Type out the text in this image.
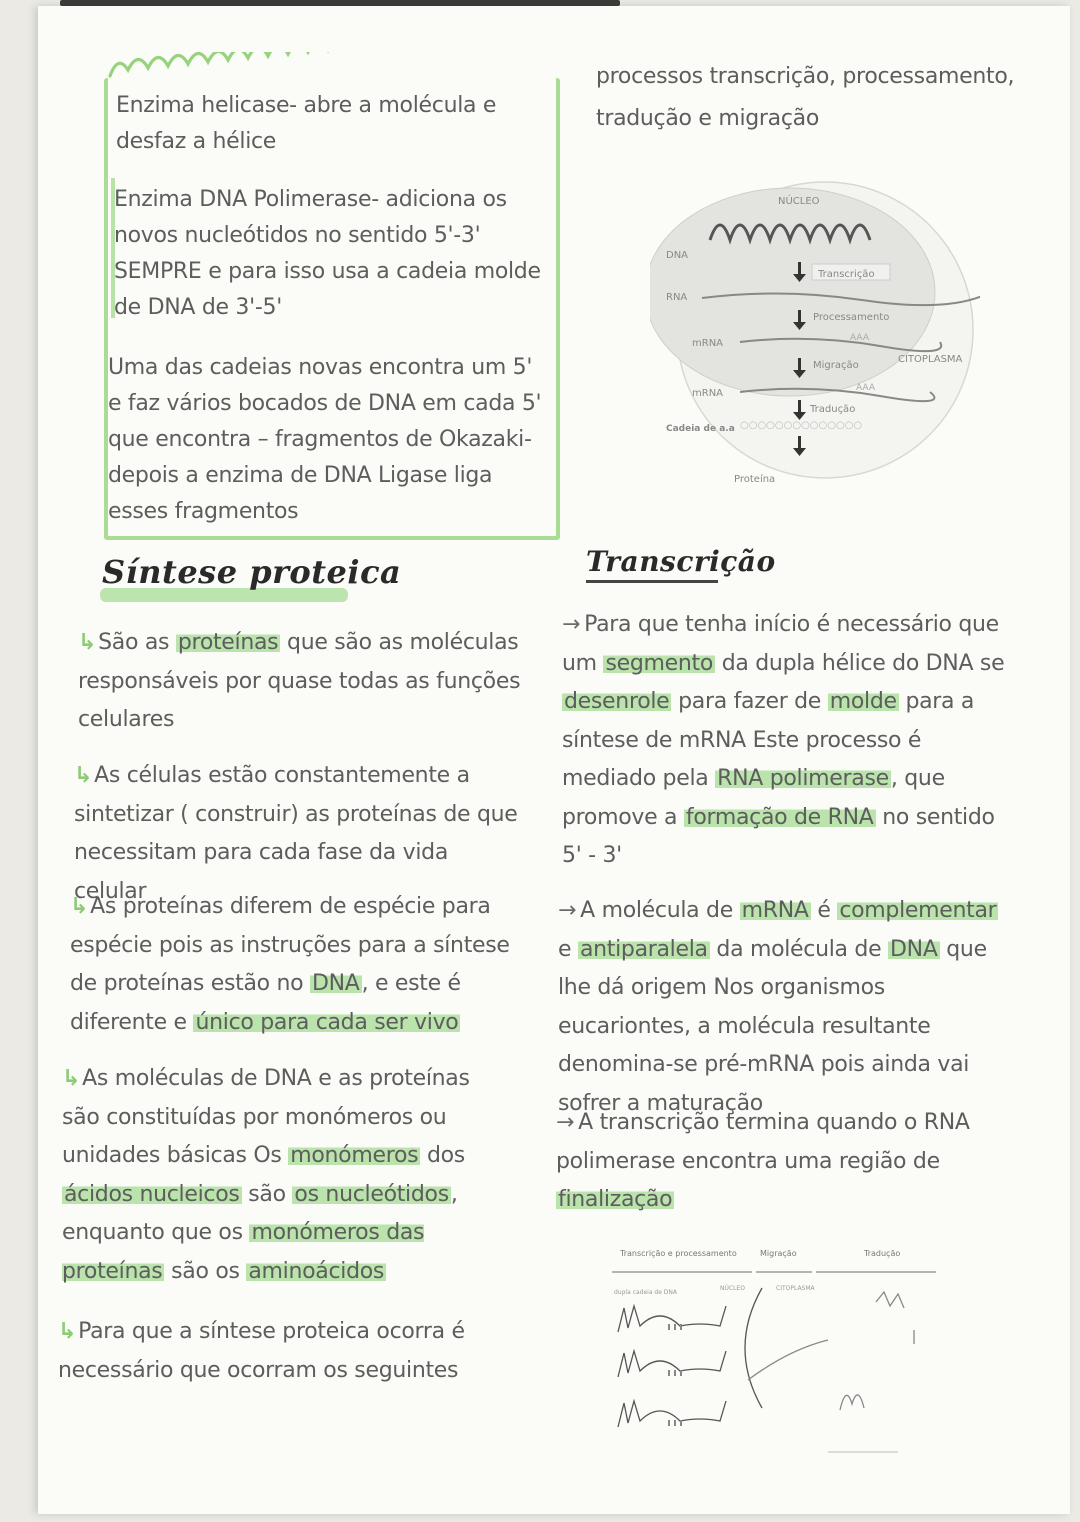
Enzima helicase- abre a molécula e desfaz a hélice
Enzima DNA Polimerase- adiciona os novos nucleótidos no sentido 5'-3' SEMPRE e para isso usa a cadeia molde de DNA de 3'-5'
Uma das cadeias novas encontra um 5' e faz vários bocados de DNA em cada 5' que encontra – fragmentos de Okazaki- depois a enzima de DNA Ligase liga esses fragmentos
Síntese proteica
↳São as proteínas que são as moléculas responsáveis por quase todas as funções celulares
↳As células estão constantemente a sintetizar ( construir) as proteínas de que necessitam para cada fase da vida celular
↳As proteínas diferem de espécie para espécie pois as instruções para a síntese de proteínas estão no DNA, e este é diferente e único para cada ser vivo
↳As moléculas de DNA e as proteínas são constituídas por monómeros ou unidades básicas Os monómeros dos ácidos nucleicos são os nucleótidos, enquanto que os monómeros das proteínas são os aminoácidos
↳Para que a síntese proteica ocorra é necessário que ocorram os seguintes
processos transcrição, processamento, tradução e migração
○○○○○○○○○○○○○○
NÚCLEO
CITOPLASMA
DNA
RNA
mRNA
mRNA
Cadeia de a.a
Proteína
Transcrição
Processamento
Migração
Tradução
AAA
AAA
Transcrição
→ Para que tenha início é necessário que um segmento da dupla hélice do DNA se desenrole para fazer de molde para a síntese de mRNA Este processo é mediado pela RNA polimerase, que promove a formação de RNA no sentido 5' - 3'
→ A molécula de mRNA é complementar e antiparalela da molécula de DNA que lhe dá origem Nos organismos eucariontes, a molécula resultante denomina-se pré-mRNA pois ainda vai sofrer a maturação
→ A transcrição termina quando o RNA polimerase encontra uma região de finalização
Transcrição e processamento	Migração	Tradução
dupla cadeia de DNA
NÚCLEO	CITOPLASMA
